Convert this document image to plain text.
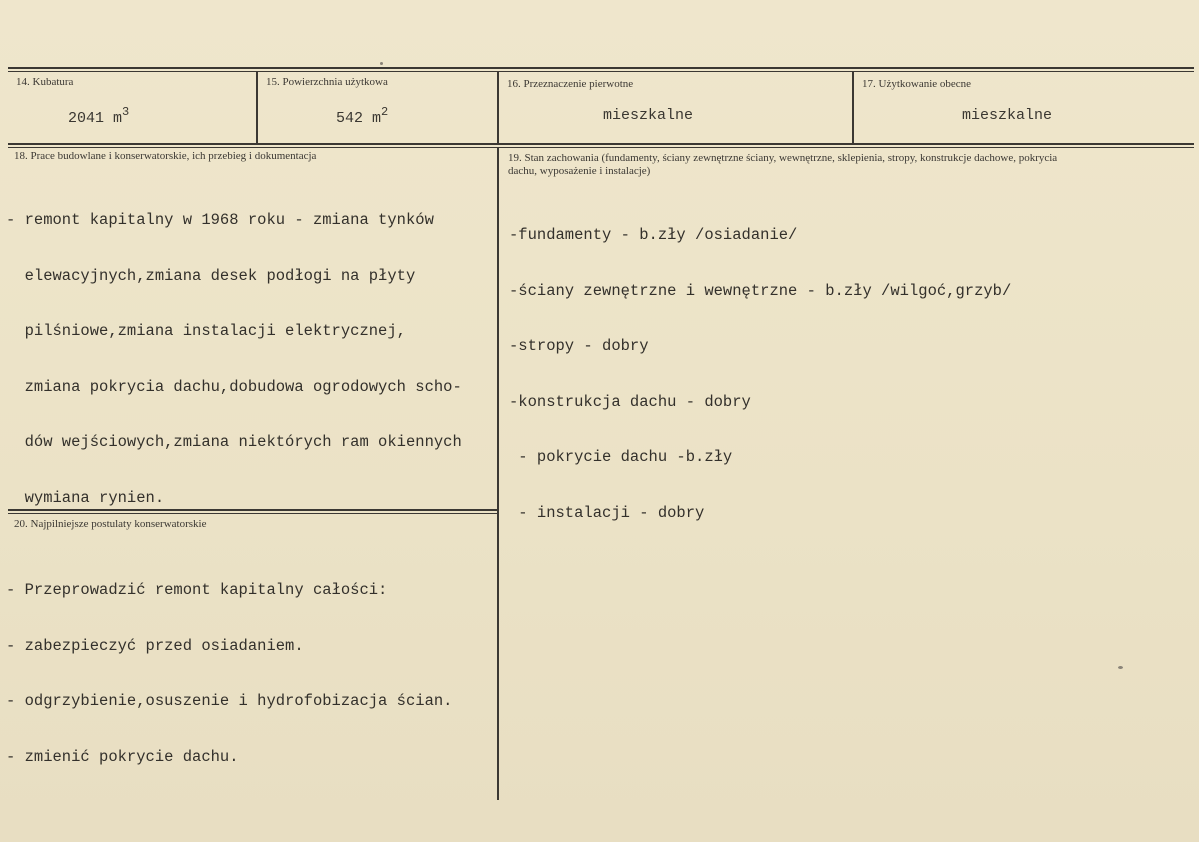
14. Kubatura
2041 $m^3$
15. Powierzchnia użytkowa
542 $m^2$
16. Przeznaczenie pierwotne
mieszkalne
17. Użytkowanie obecne
mieszkalne
18. Prace budowlane i konserwatorskie, ich przebieg i dokumentacja

- remont kapitalny w 1968 roku - zmiana tynków

elewacyjnych,zmiana desek podłogi na płyty

pilśniowe,zmiana instalacji elektrycznej,

zmiana pokrycia dachu,dobudowa ogrodowych scho-

dów wejściowych,zmiana niektórych ram okiennych

wymiana rynien.

19. Stan zachowania (fundamenty, ściany zewnętrzne ściany, wewnętrzne, sklepienia, stropy, konstrukcje dachowe, pokrycia dachu, wyposażenie i instalacje)

-fundamenty - b.zły /osiadanie/

-ściany zewnętrzne i wewnętrzne - b.zły /wilgoć,grzyb/

-stropy - dobry

-konstrukcja dachu - dobry

- pokrycie dachu -b.zły

- instalacji - dobry

20. Najpilniejsze postulaty konserwatorskie

- Przeprowadzić remont kapitalny całości:

- zabezpieczyć przed osiadaniem.

- odgrzybienie,osuszenie i hydrofobizacja ścian.

- zmienić pokrycie dachu.
